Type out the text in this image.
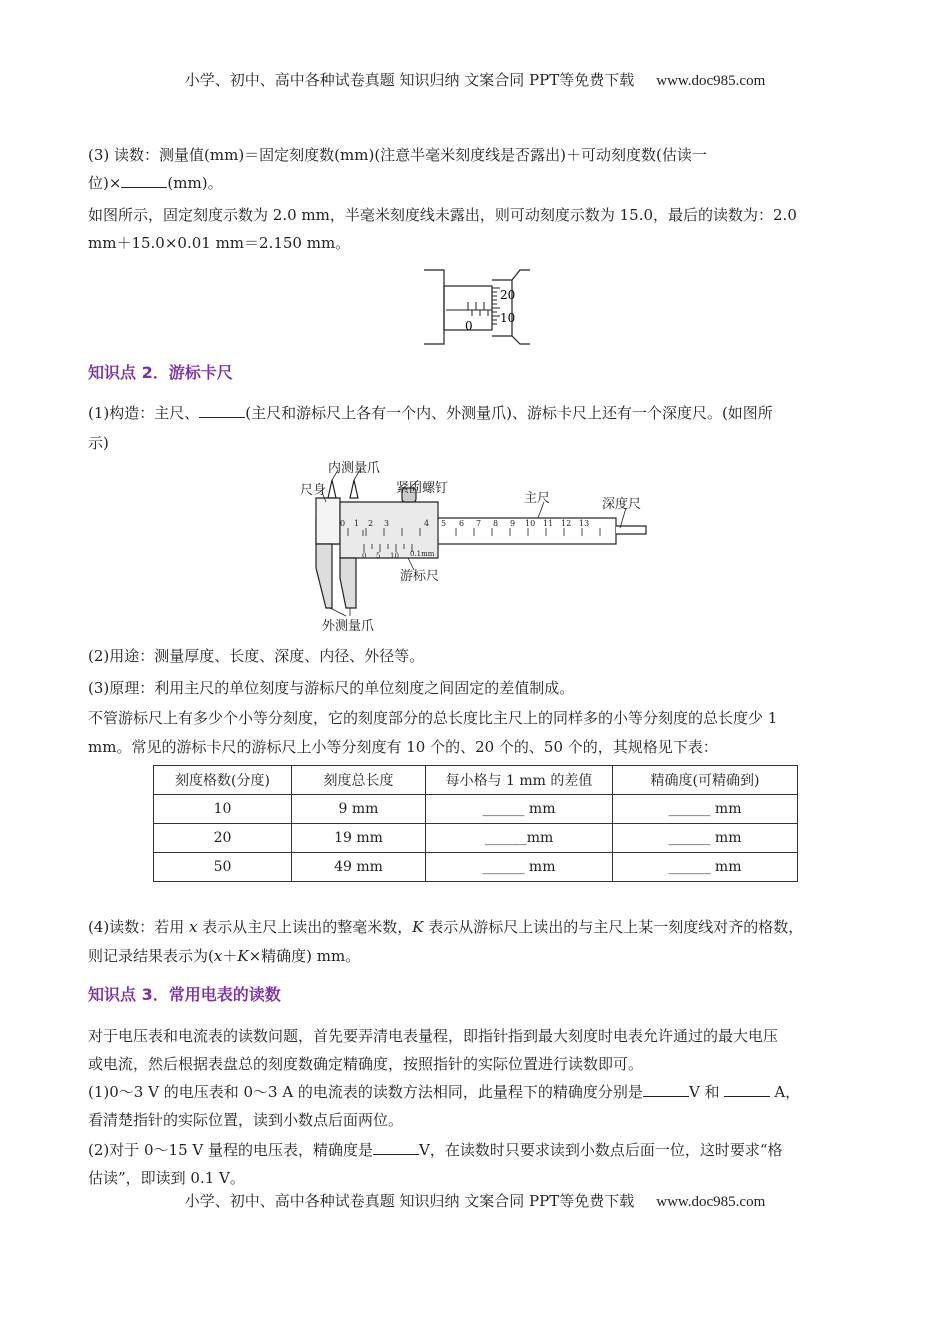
小学、初中、高中各种试卷真题 知识归纳 文案合同 PPT等免费下载 www.doc985.com
(3) 读数：测量值(mm)＝固定刻度数(mm)(注意半毫米刻度线是否露出)＋可动刻度数(估读一
位)×	(mm)。
如图所示，固定刻度示数为 2.0 mm，半毫米刻度线未露出，则可动刻度示数为 15.0，最后的读数为：2.0
mm＋15.0×0.01 mm＝2.150 mm。
0
20
10
知识点 2．游标卡尺
(1)构造：主尺、	(主尺和游标尺上各有一个内、外测量爪)、游标卡尺上还有一个深度尺。(如图所
示)
0 1 2 3	4 5 6 7 8 9 10 11 12 13
0 5 10 0.1mm
内测量爪
尺身	紧固螺钉
主尺	深度尺
游标尺
外测量爪
(2)用途：测量厚度、长度、深度、内径、外径等。
(3)原理：利用主尺的单位刻度与游标尺的单位刻度之间固定的差值制成。
不管游标尺上有多少个小等分刻度，它的刻度部分的总长度比主尺上的同样多的小等分刻度的总长度少 1
mm。常见的游标卡尺的游标尺上小等分刻度有 10 个的、20 个的、50 个的，其规格见下表：
刻度格数(分度)	刻度总长度	每小格与 1 mm 的差值	精确度(可精确到)
10	9 mm	______ mm	______ mm
20	19 mm	______mm	______ mm
50	49 mm	______ mm	______ mm
(4)读数：若用 x 表示从主尺上读出的整毫米数，K 表示从游标尺上读出的与主尺上某一刻度线对齐的格数，
则记录结果表示为(x＋K×精确度) mm。
知识点 3．常用电表的读数
对于电压表和电流表的读数问题，首先要弄清电表量程，即指针指到最大刻度时电表允许通过的最大电压
或电流，然后根据表盘总的刻度数确定精确度，按照指针的实际位置进行读数即可。
(1)0～3 V 的电压表和 0～3 A 的电流表的读数方法相同，此量程下的精确度分别是	V 和	A，
看清楚指针的实际位置，读到小数点后面两位。
(2)对于 0～15 V 量程的电压表，精确度是	V，在读数时只要求读到小数点后面一位，这时要求“格
估读”，即读到 0.1 V。
小学、初中、高中各种试卷真题 知识归纳 文案合同 PPT等免费下载 www.doc985.com
